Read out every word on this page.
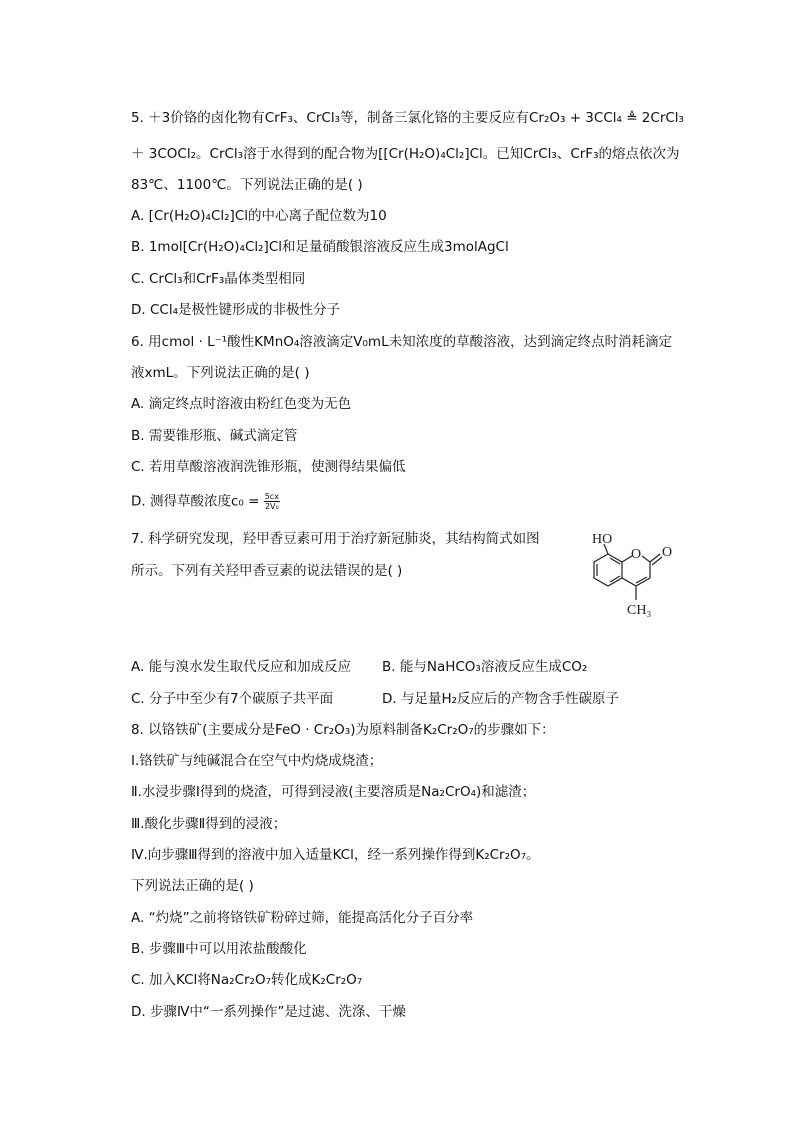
5. ＋3价铬的卤化物有CrF₃、CrCl₃等，制备三氯化铬的主要反应有Cr₂O₃ + 3CCl₄ ≜ 2CrCl₃
＋ 3COCl₂。CrCl₃溶于水得到的配合物为[[Cr(H₂O)₄Cl₂]Cl。已知CrCl₃、CrF₃的熔点依次为
83℃、1100℃。下列说法正确的是( )
A. [Cr(H₂O)₄Cl₂]Cl的中心离子配位数为10
B. 1mol[Cr(H₂O)₄Cl₂]Cl和足量硝酸银溶液反应生成3molAgCl
C. CrCl₃和CrF₃晶体类型相同
D. CCl₄是极性键形成的非极性分子
6. 用cmol · L⁻¹酸性KMnO₄溶液滴定V₀mL未知浓度的草酸溶液，达到滴定终点时消耗滴定
液xmL。下列说法正确的是( )
A. 滴定终点时溶液由粉红色变为无色
B. 需要锥形瓶、碱式滴定管
C. 若用草酸溶液润洗锥形瓶，使测得结果偏低
D. 测得草酸浓度$c_0 = \frac{5cx}{\text{2V₀}}$
7. 科学研究发现，羟甲香豆素可用于治疗新冠肺炎，其结构简式如图
所示。下列有关羟甲香豆素的说法错误的是( )
HO
O O
CH₃
A. 能与溴水发生取代反应和加成反应 B. 能与NaHCO₃溶液反应生成CO₂
C. 分子中至少有7个碳原子共平面	D. 与足量H₂反应后的产物含手性碳原子
8. 以铬铁矿(主要成分是FeO · Cr₂O₃)为原料制备K₂Cr₂O₇的步骤如下：
Ⅰ.铬铁矿与纯碱混合在空气中灼烧成烧渣；
Ⅱ.水浸步骤Ⅰ得到的烧渣，可得到浸液(主要溶质是Na₂CrO₄)和滤渣；
Ⅲ.酸化步骤Ⅱ得到的浸液；
Ⅳ.向步骤Ⅲ得到的溶液中加入适量KCl，经一系列操作得到K₂Cr₂O₇。
下列说法正确的是( )
A. “灼烧”之前将铬铁矿粉碎过筛，能提高活化分子百分率
B. 步骤Ⅲ中可以用浓盐酸酸化
C. 加入KCl将Na₂Cr₂O₇转化成K₂Cr₂O₇
D. 步骤Ⅳ中“一系列操作”是过滤、洗涤、干燥
